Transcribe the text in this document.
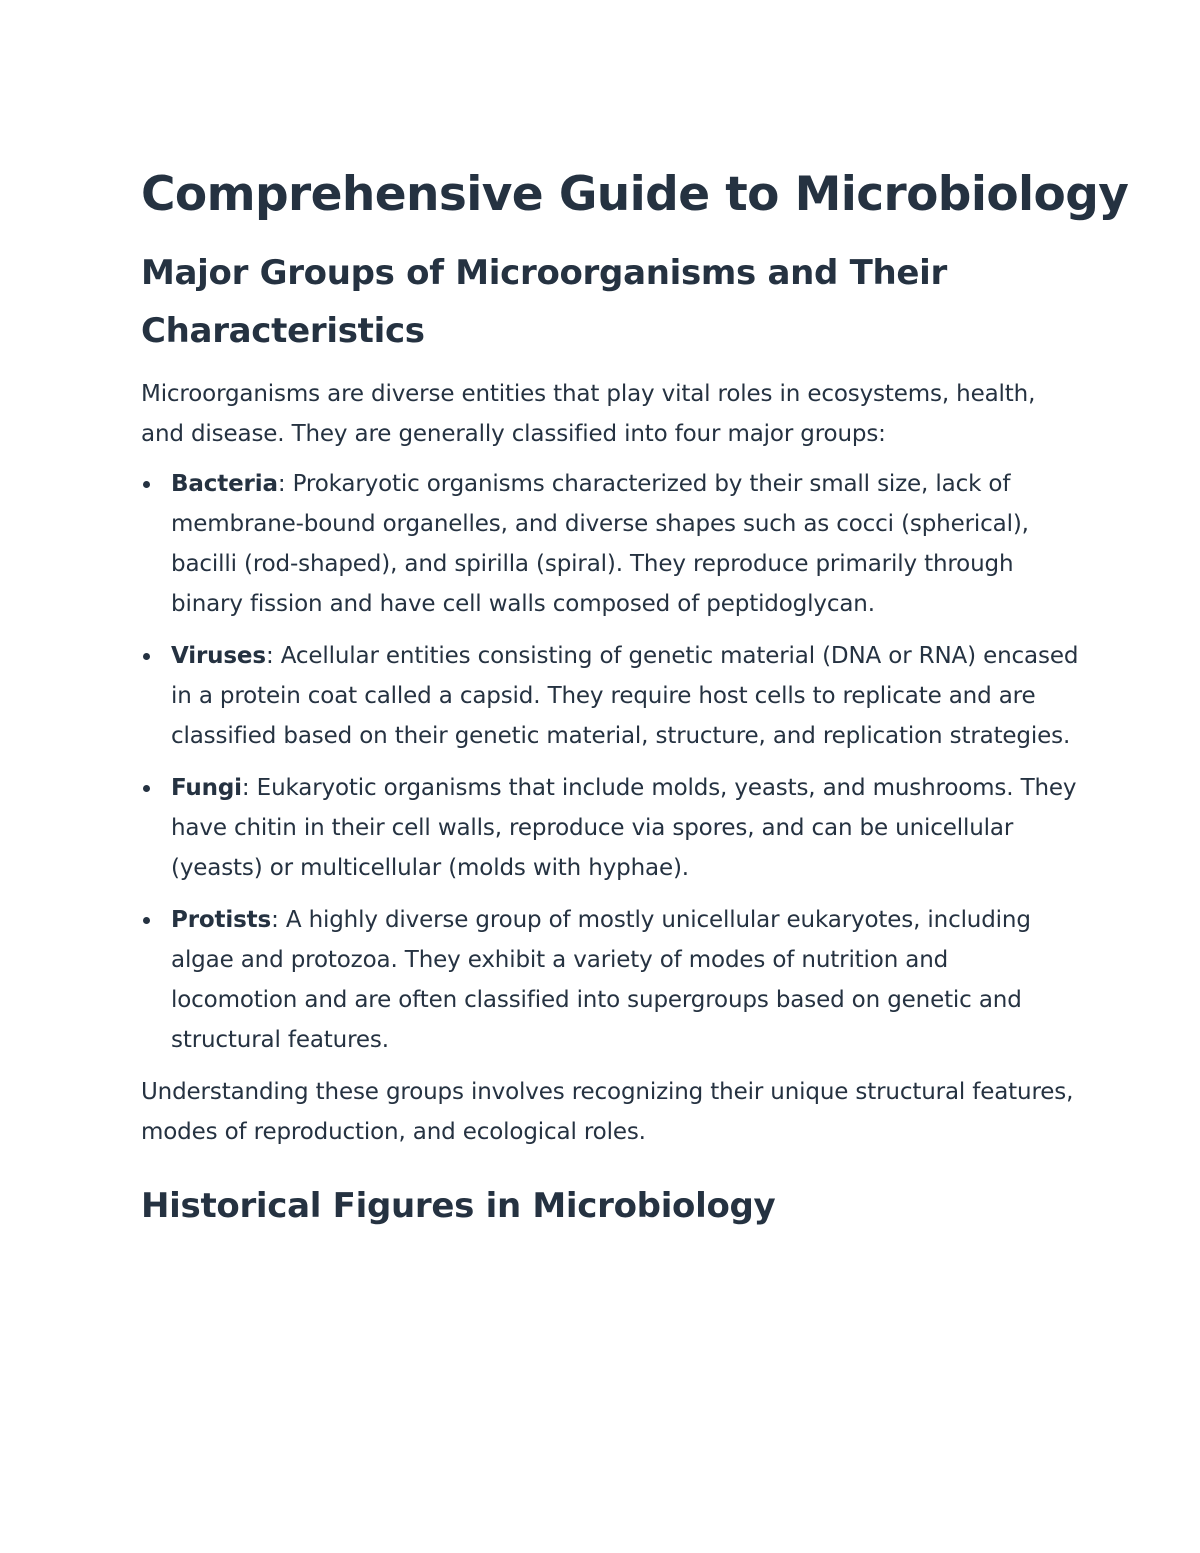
Comprehensive Guide to Microbiology
Major Groups of Microorganisms and Their Characteristics

Microorganisms are diverse entities that play vital roles in ecosystems, health, and disease. They are generally classified into four major groups:

Bacteria: Prokaryotic organisms characterized by their small size, lack of membrane-bound organelles, and diverse shapes such as cocci (spherical), bacilli (rod-shaped), and spirilla (spiral). They reproduce primarily through binary fission and have cell walls composed of peptidoglycan.
Viruses: Acellular entities consisting of genetic material (DNA or RNA) encased in a protein coat called a capsid. They require host cells to replicate and are classified based on their genetic material, structure, and replication strategies.
Fungi: Eukaryotic organisms that include molds, yeasts, and mushrooms. They have chitin in their cell walls, reproduce via spores, and can be unicellular (yeasts) or multicellular (molds with hyphae).
Protists: A highly diverse group of mostly unicellular eukaryotes, including algae and protozoa. They exhibit a variety of modes of nutrition and locomotion and are often classified into supergroups based on genetic and structural features.

Understanding these groups involves recognizing their unique structural features, modes of reproduction, and ecological roles.

Historical Figures in Microbiology
